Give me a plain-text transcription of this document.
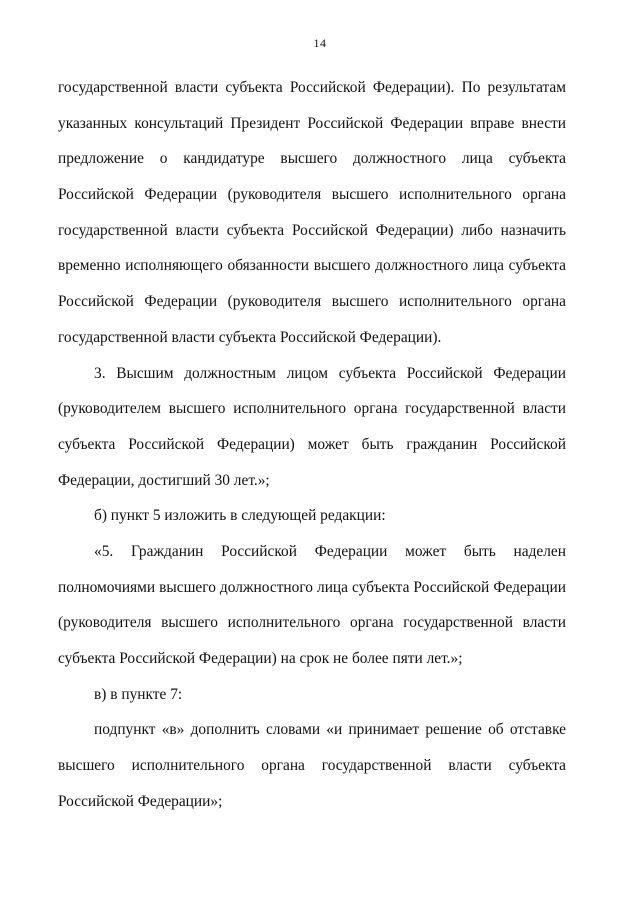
14
государственной власти субъекта Российской Федерации). По результатам
указанных консультаций Президент Российской Федерации вправе внести
предложение о кандидатуре высшего должностного лица субъекта
Российской Федерации (руководителя высшего исполнительного органа
государственной власти субъекта Российской Федерации) либо назначить
временно исполняющего обязанности высшего должностного лица субъекта
Российской Федерации (руководителя высшего исполнительного органа
государственной власти субъекта Российской Федерации).
3. Высшим должностным лицом субъекта Российской Федерации
(руководителем высшего исполнительного органа государственной власти
субъекта Российской Федерации) может быть гражданин Российской
Федерации, достигший 30 лет.»;
б) пункт 5 изложить в следующей редакции:
«5. Гражданин Российской Федерации может быть наделен
полномочиями высшего должностного лица субъекта Российской Федерации
(руководителя высшего исполнительного органа государственной власти
субъекта Российской Федерации) на срок не более пяти лет.»;
в) в пункте 7:
подпункт «в» дополнить словами «и принимает решение об отставке
высшего исполнительного органа государственной власти субъекта
Российской Федерации»;
